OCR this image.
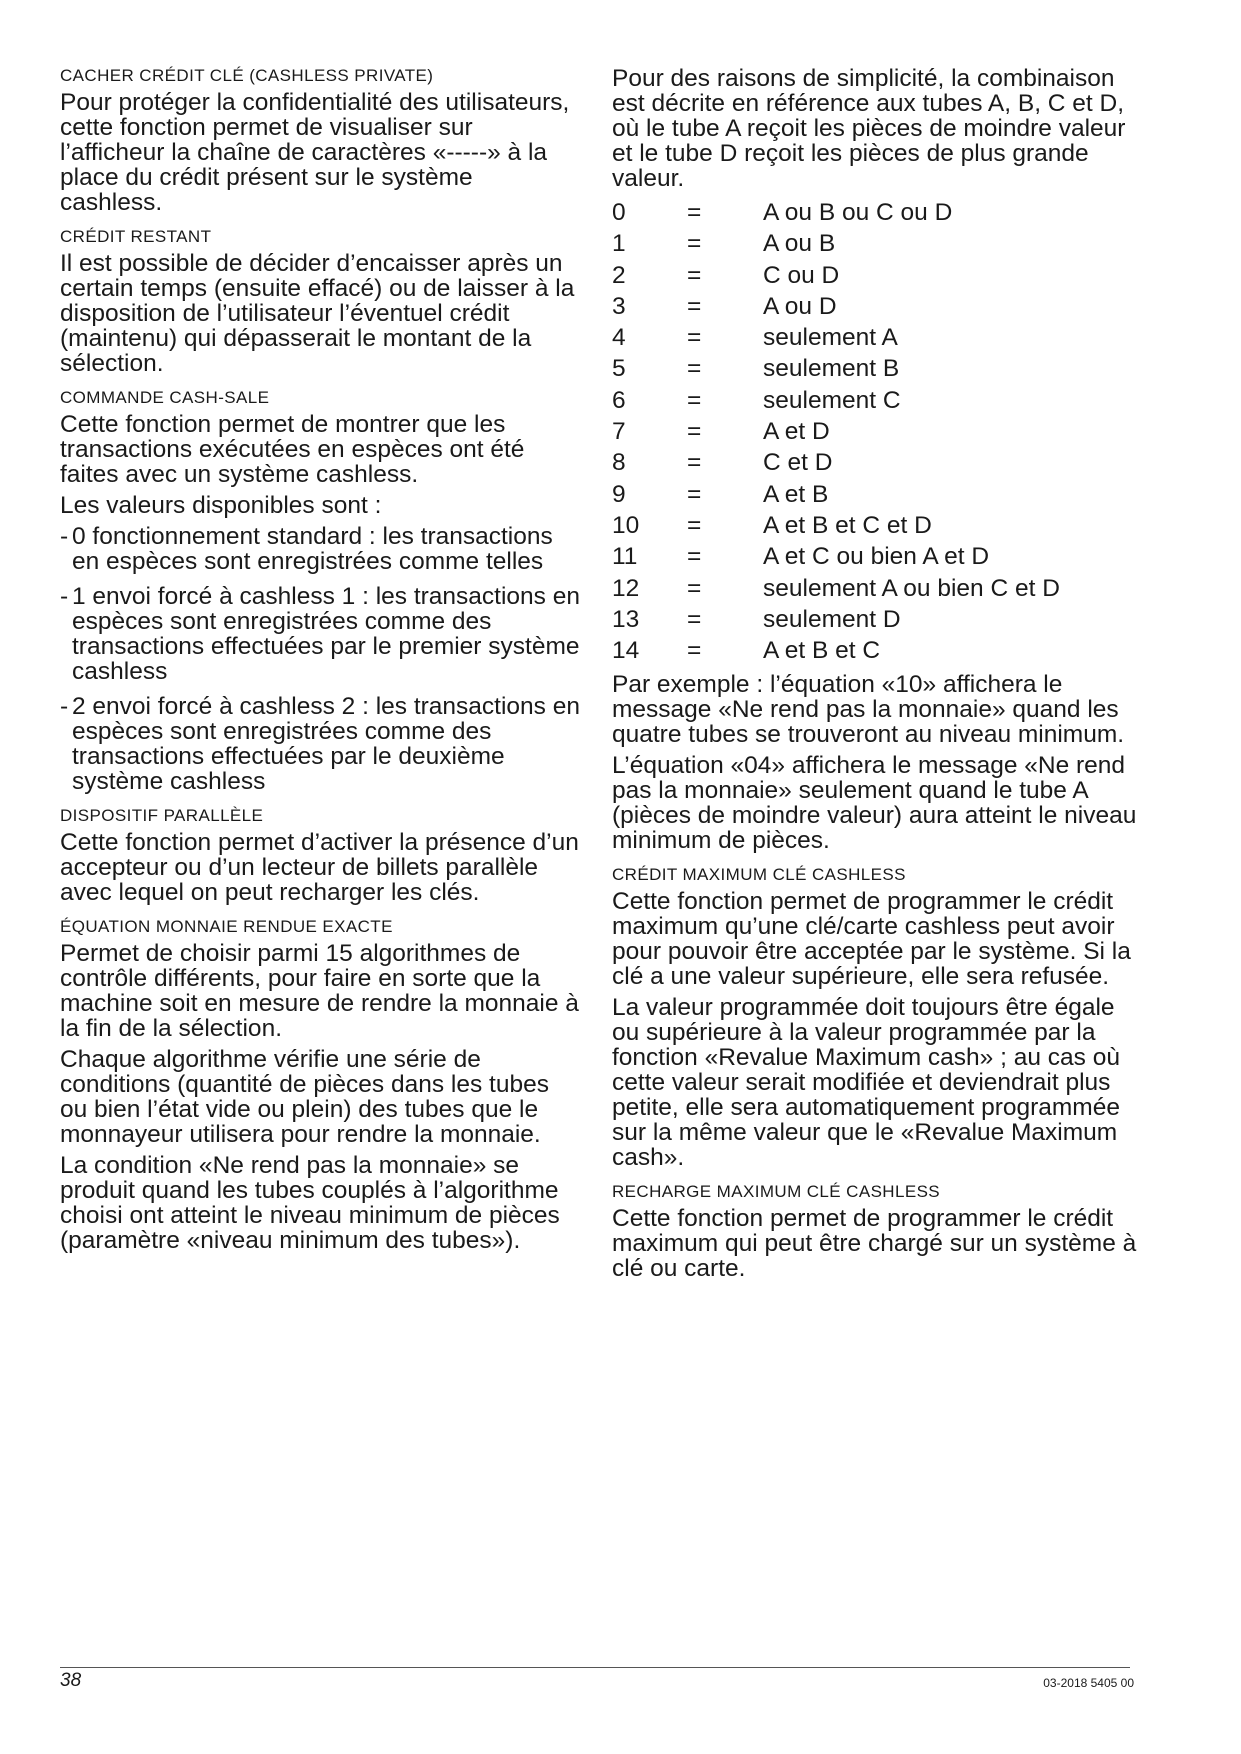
CACHER CRÉDIT CLÉ (CASHLESS PRIVATE)

Pour protéger la confidentialité des utilisateurs, cette fonction permet de visualiser sur l’afficheur la chaîne de caractères «-----» à la place du crédit présent sur le système cashless.

CRÉDIT RESTANT

Il est possible de décider d’encaisser après un certain temps (ensuite effacé) ou de laisser à la disposition de l’utilisateur l’éventuel crédit (maintenu) qui dépasserait le montant de la sélection.

COMMANDE CASH-SALE

Cette fonction permet de montrer que les transactions exécutées en espèces ont été faites avec un système cashless.

Les valeurs disponibles sont :

- 0 fonctionnement standard : les transactions en espèces sont enregistrées comme telles
- 1 envoi forcé à cashless 1 : les transactions en espèces sont enregistrées comme des transactions effectuées par le premier système cashless
- 2 envoi forcé à cashless 2 : les transactions en espèces sont enregistrées comme des transactions effectuées par le deuxième système cashless
DISPOSITIF PARALLÈLE

Cette fonction permet d’activer la présence d’un accepteur ou d’un lecteur de billets parallèle avec lequel on peut recharger les clés.

ÉQUATION MONNAIE RENDUE EXACTE

Permet de choisir parmi 15 algorithmes de contrôle différents, pour faire en sorte que la machine soit en mesure de rendre la monnaie à la fin de la sélection.

Chaque algorithme vérifie une série de conditions (quantité de pièces dans les tubes ou bien l’état vide ou plein) des tubes que le monnayeur utilisera pour rendre la monnaie.

La condition «Ne rend pas la monnaie» se produit quand les tubes couplés à l’algorithme choisi ont atteint le niveau minimum de pièces (paramètre «niveau minimum des tubes»).

Pour des raisons de simplicité, la combinaison est décrite en référence aux tubes A, B, C et D, où le tube A reçoit les pièces de moindre valeur et le tube D reçoit les pièces de plus grande valeur.

0	=	A ou B ou C ou D
1	=	A ou B
2	=	C ou D
3	=	A ou D
4	=	seulement A
5	=	seulement B
6	=	seulement C
7	=	A et D
8	=	C et D
9	=	A et B
10	=	A et B et C et D
11	=	A et C ou bien A et D
12	=	seulement A ou bien C et D
13	=	seulement D
14	=	A et B et C

Par exemple : l’équation «10» affichera le message «Ne rend pas la monnaie» quand les quatre tubes se trouveront au niveau minimum.

L’équation «04» affichera le message «Ne rend pas la monnaie» seulement quand le tube A (pièces de moindre valeur) aura atteint le niveau minimum de pièces.

CRÉDIT MAXIMUM CLÉ CASHLESS

Cette fonction permet de programmer le crédit maximum qu’une clé/carte cashless peut avoir pour pouvoir être acceptée par le système. Si la clé a une valeur supérieure, elle sera refusée.

La valeur programmée doit toujours être égale ou supérieure à la valeur programmée par la fonction «Revalue Maximum cash» ; au cas où cette valeur serait modifiée et deviendrait plus petite, elle sera automatiquement programmée sur la même valeur que le «Revalue Maximum cash».

RECHARGE MAXIMUM CLÉ CASHLESS

Cette fonction permet de programmer le crédit maximum qui peut être chargé sur un système à clé ou carte.

38	03-2018 5405 00
